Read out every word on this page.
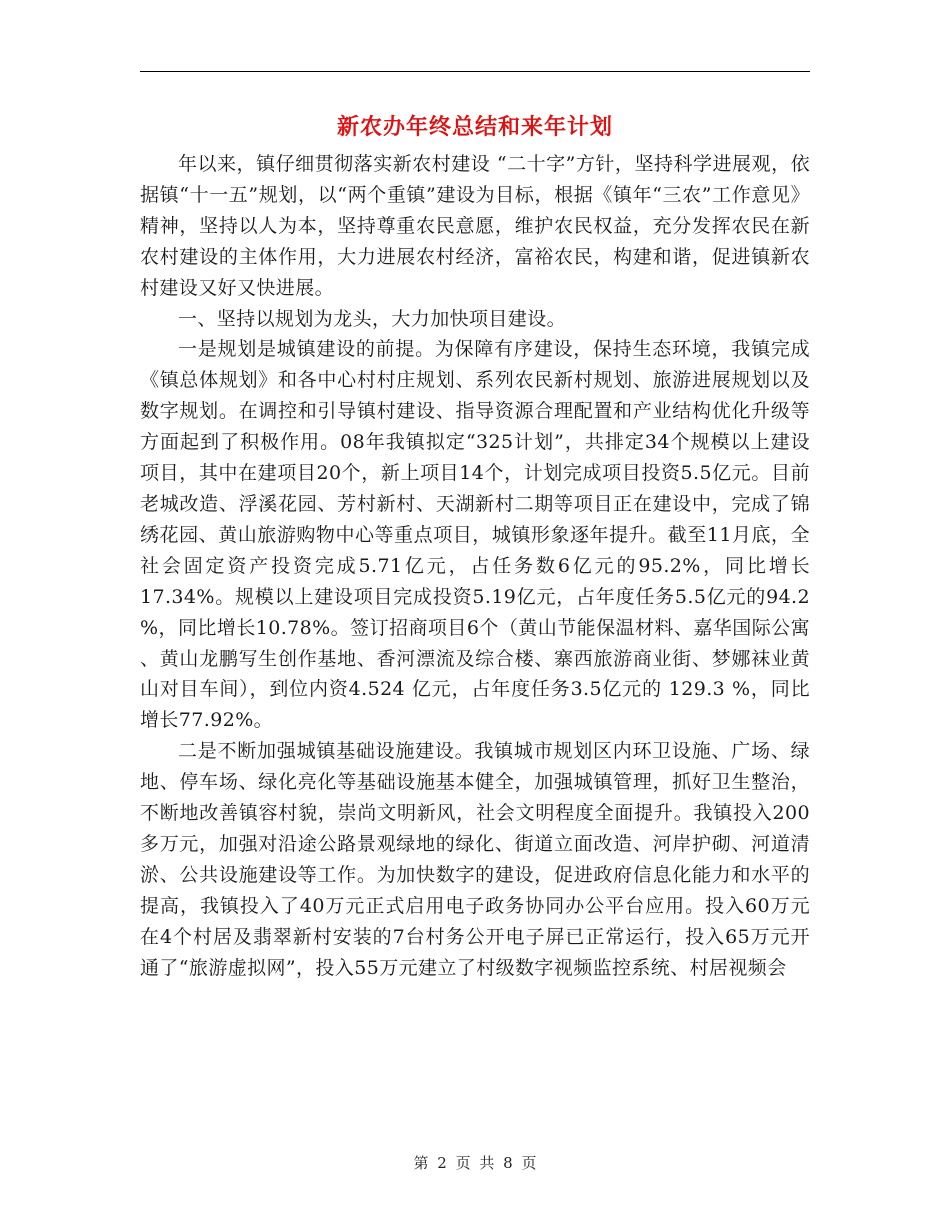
新农办年终总结和来年计划

年以来，镇仔细贯彻落实新农村建设 “二十字”方针，坚持科学进展观，依据镇“十一五”规划，以“两个重镇”建设为目标，根据《镇年“三农”工作意见》精神，坚持以人为本，坚持尊重农民意愿，维护农民权益，充分发挥农民在新农村建设的主体作用，大力进展农村经济，富裕农民，构建和谐，促进镇新农村建设又好又快进展。

一、坚持以规划为龙头，大力加快项目建设。

一是规划是城镇建设的前提。为保障有序建设，保持生态环境，我镇完成《镇总体规划》和各中心村村庄规划、系列农民新村规划、旅游进展规划以及数字规划。在调控和引导镇村建设、指导资源合理配置和产业结构优化升级等方面起到了积极作用。08年我镇拟定“325计划”，共排定34个规模以上建设项目，其中在建项目20个，新上项目14个，计划完成项目投资5.5亿元。目前老城改造、浮溪花园、芳村新村、天湖新村二期等项目正在建设中，完成了锦绣花园、黄山旅游购物中心等重点项目，城镇形象逐年提升。截至11月底，全社会固定资产投资完成5.71亿元，占任务数6亿元的95.2%，同比增长17.34%。规模以上建设项目完成投资5.19亿元，占年度任务5.5亿元的94.2 %，同比增长10.78%。签订招商项目6个（黄山节能保温材料、嘉华国际公寓 、黄山龙鹏写生创作基地、香河漂流及综合楼、寨西旅游商业街、梦娜袜业黄山对目车间），到位内资4.524 亿元，占年度任务3.5亿元的 129.3 %，同比增长77.92%。

二是不断加强城镇基础设施建设。我镇城市规划区内环卫设施、广场、绿地、停车场、绿化亮化等基础设施基本健全，加强城镇管理，抓好卫生整治，不断地改善镇容村貌，崇尚文明新风，社会文明程度全面提升。我镇投入200多万元，加强对沿途公路景观绿地的绿化、街道立面改造、河岸护砌、河道清淤、公共设施建设等工作。为加快数字的建设，促进政府信息化能力和水平的提高，我镇投入了40万元正式启用电子政务协同办公平台应用。投入60万元在4个村居及翡翠新村安装的7台村务公开电子屏已正常运行，投入65万元开通了“旅游虚拟网”，投入55万元建立了村级数字视频监控系统、村居视频会

第 2 页 共 8 页
